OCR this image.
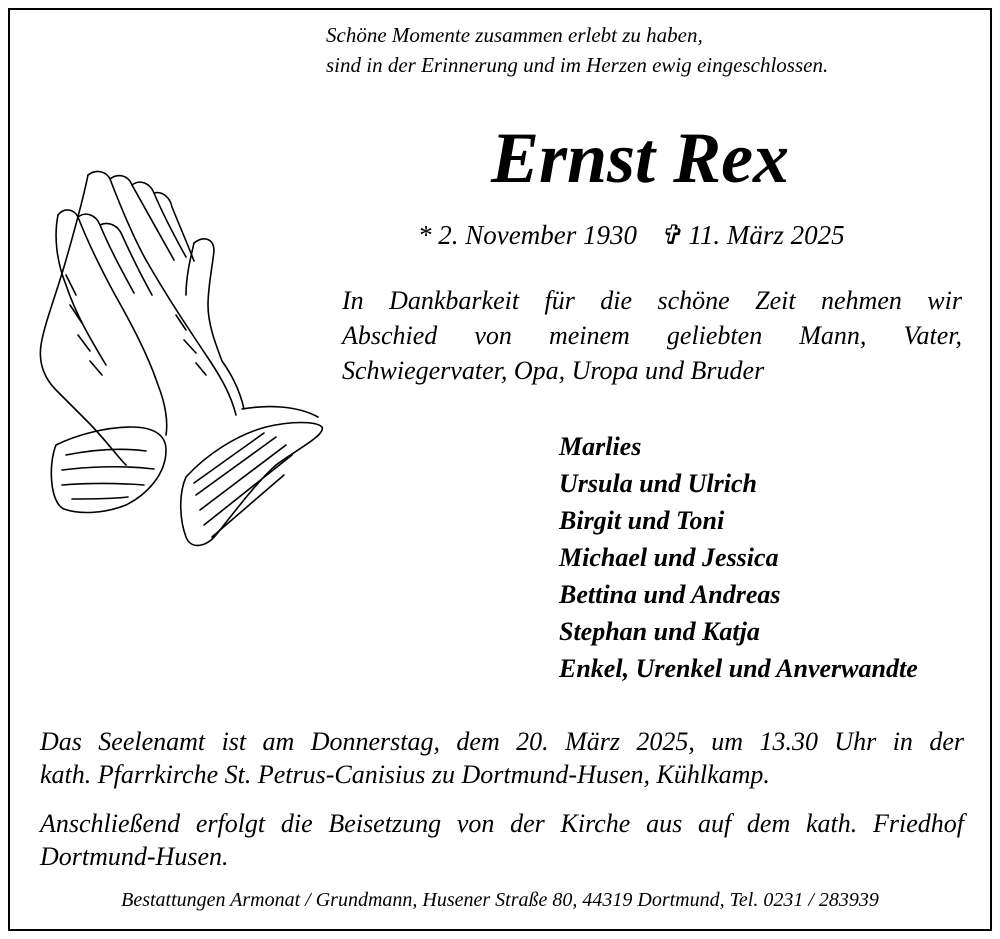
Schöne Momente zusammen erlebt zu haben,
sind in der Erinnerung und im Herzen ewig eingeschlossen.
Ernst Rex
* 2. November 1930 ✞ 11. März 2025
In Dankbarkeit für die schöne Zeit nehmen wir
Abschied von meinem geliebten Mann, Vater,
Schwiegervater, Opa, Uropa und Bruder
Marlies
Ursula und Ulrich
Birgit und Toni
Michael und Jessica
Bettina und Andreas
Stephan und Katja
Enkel, Urenkel und Anverwandte
Das Seelenamt ist am Donnerstag, dem 20. März 2025, um 13.30 Uhr in der
kath. Pfarrkirche St. Petrus-Canisius zu Dortmund-Husen, Kühlkamp.
Anschließend erfolgt die Beisetzung von der Kirche aus auf dem kath. Friedhof
Dortmund-Husen.
Bestattungen Armonat / Grundmann, Husener Straße 80, 44319 Dortmund, Tel. 0231 / 283939
